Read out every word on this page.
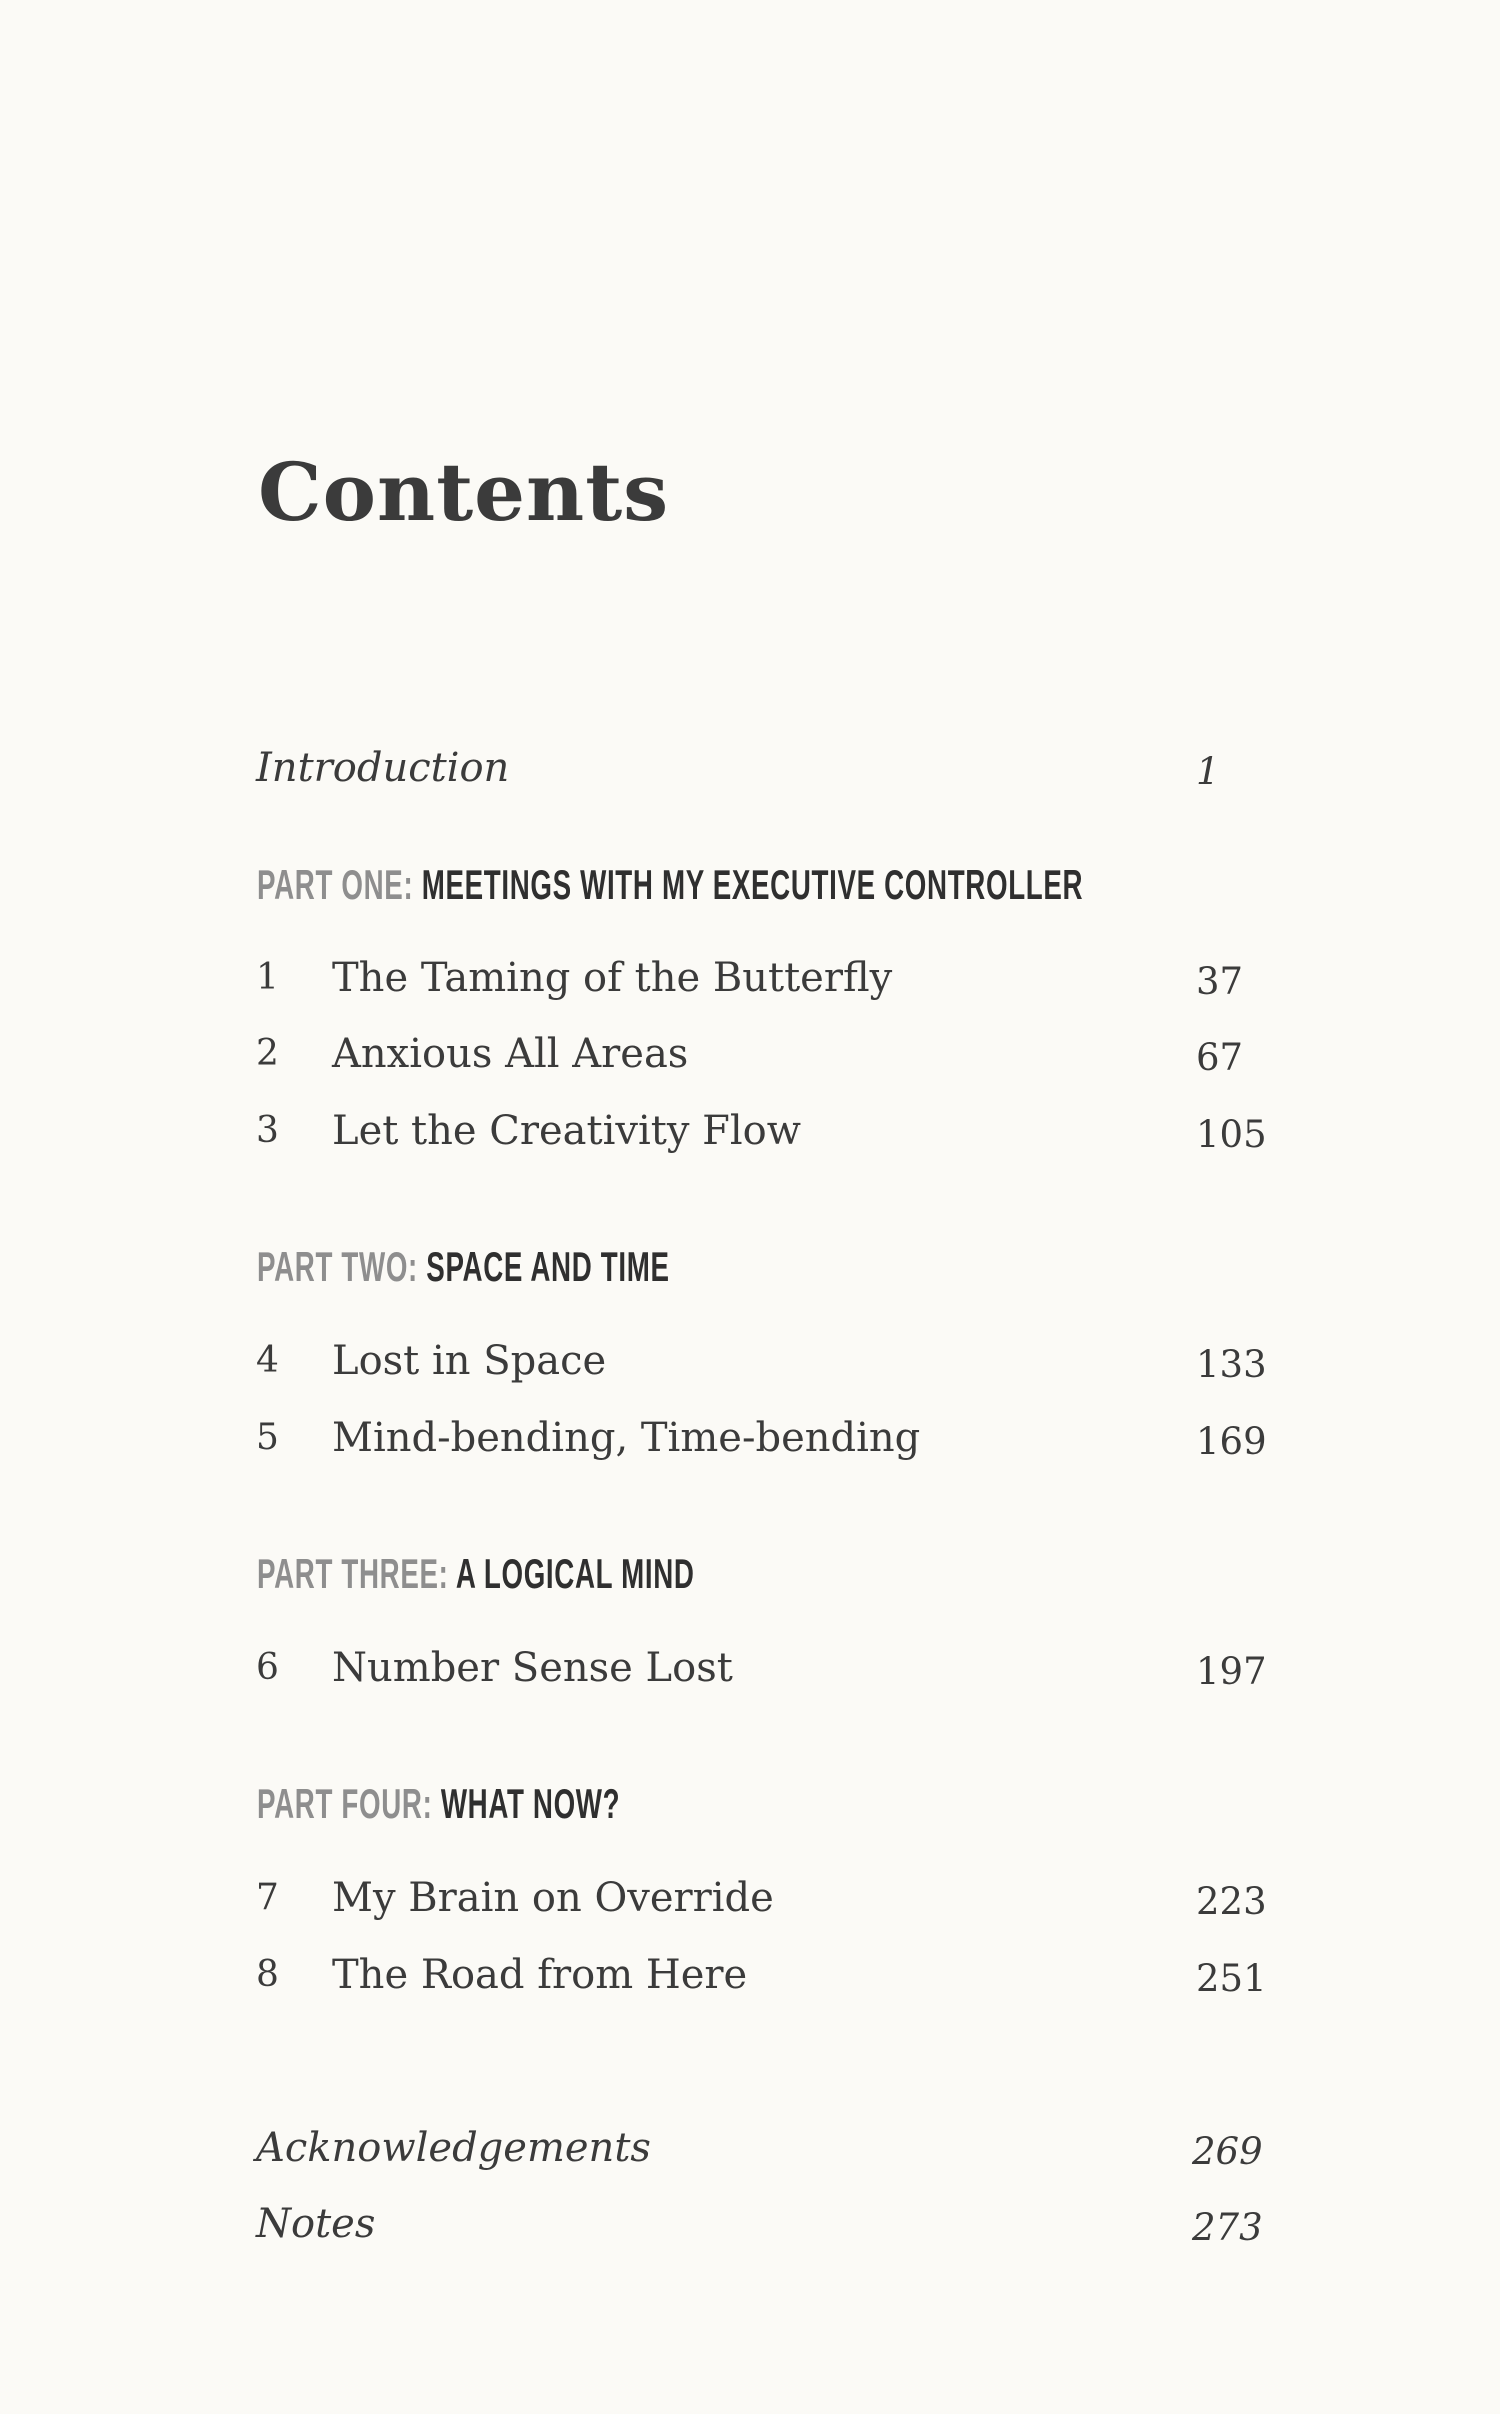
Contents
Introduction	1
PART ONE: MEETINGS WITH MY EXECUTIVE CONTROLLER
1 The Taming of the Butterfly	37
2 Anxious All Areas	67
3 Let the Creativity Flow	105
PART TWO: SPACE AND TIME
4 Lost in Space	133
5 Mind-bending, Time-bending	169
PART THREE: A LOGICAL MIND
6 Number Sense Lost	197
PART FOUR: WHAT NOW?
7 My Brain on Override	223
8 The Road from Here	251
Acknowledgements	269
Notes	273
